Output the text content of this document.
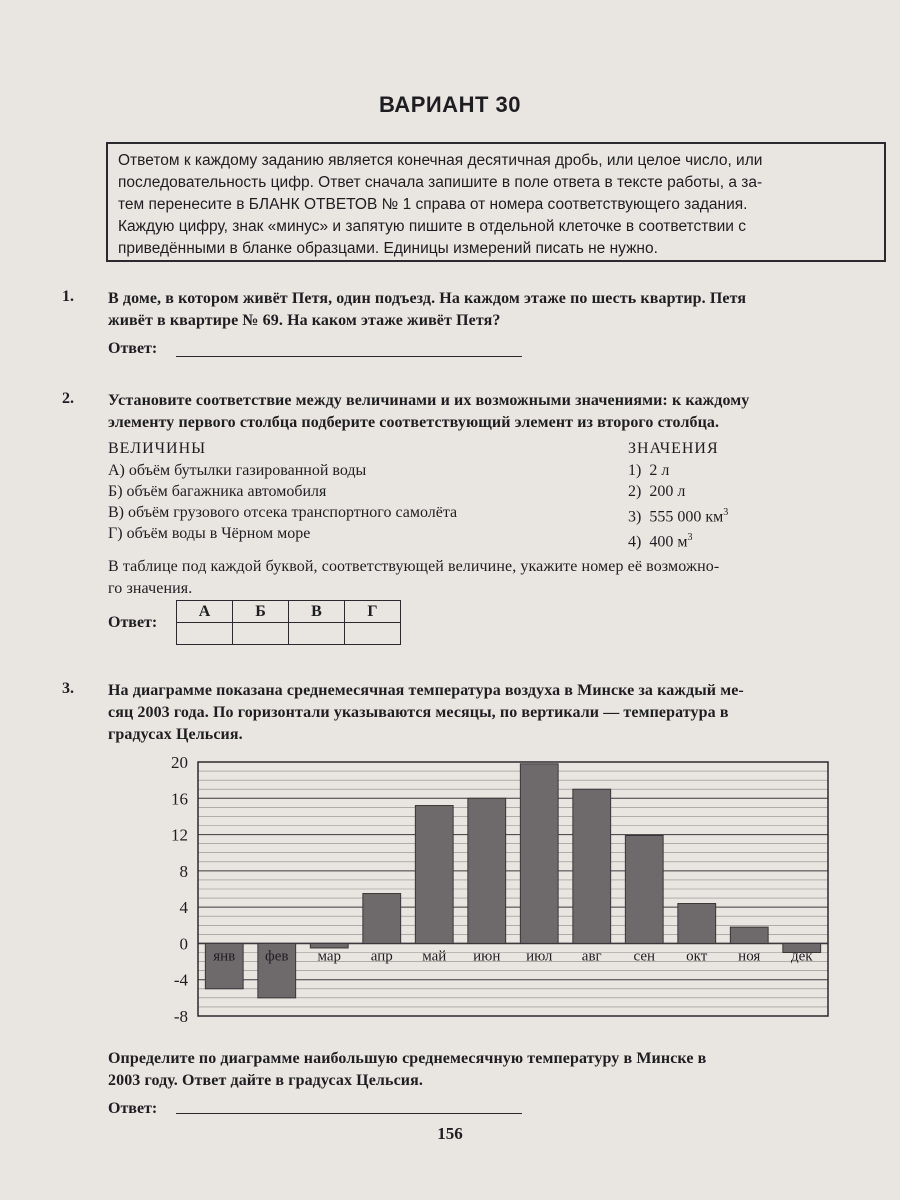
ВАРИАНТ 30
Ответом к каждому заданию является конечная десятичная дробь, или целое число, или
последовательность цифр. Ответ сначала запишите в поле ответа в тексте работы, а за-
тем перенесите в БЛАНК ОТВЕТОВ № 1 справа от номера соответствующего задания.
Каждую цифру, знак «минус» и запятую пишите в отдельной клеточке в соответствии с
приведёнными в бланке образцами. Единицы измерений писать не нужно.
1. В доме, в котором живёт Петя, один подъезд. На каждом этаже по шесть квартир. Петя
живёт в квартире № 69. На каком этаже живёт Петя?
Ответ:
2. Установите соответствие между величинами и их возможными значениями: к каждому
элементу первого столбца подберите соответствующий элемент из второго столбца.
ВЕЛИЧИНЫ	ЗНАЧЕНИЯ
А) объём бутылки газированной воды
Б) объём багажника автомобиля
В) объём грузового отсека транспортного самолёта
Г) объём воды в Чёрном море
1) 2 л
2) 200 л
3) 555 000 $км^3$
4) 400 $м^3$
В таблице под каждой буквой, соответствующей величине, укажите номер её возможно-
го значения.
Ответ:
А	Б	В	Г

3. На диаграмме показана среднемесячная температура воздуха в Минске за каждый ме-
сяц 2003 года. По горизонтали указываются месяцы, по вертикали — температура в
градусах Цельсия.
янв фев мар апр май июн июл авг сен окт ноя дек
20
16
12
8
4
0
-4
-8
Определите по диаграмме наибольшую среднемесячную температуру в Минске в
2003 году. Ответ дайте в градусах Цельсия.
Ответ:
156
